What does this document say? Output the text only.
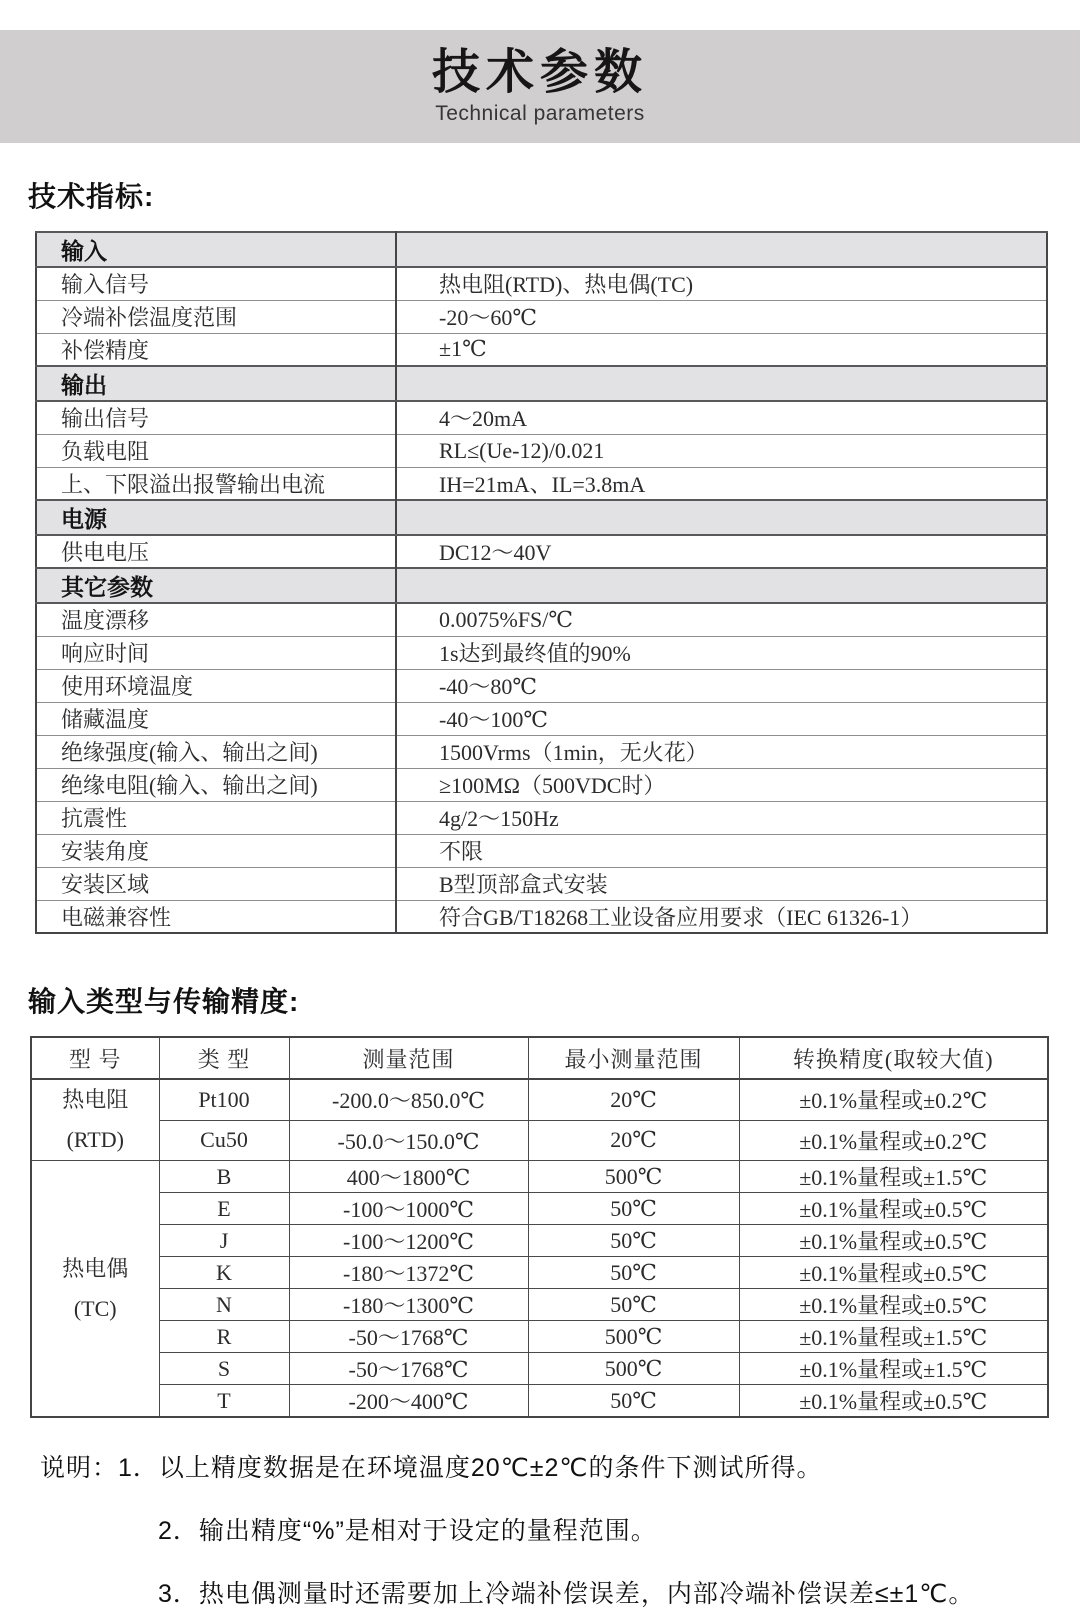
技术参数
Technical parameters
技术指标:
输入	
输入信号	热电阻(RTD)、热电偶(TC)
冷端补偿温度范围	-20～60℃
补偿精度	±1℃
输出	
输出信号	4～20mA
负载电阻	RL≤(Ue-12)/0.021
上、下限溢出报警输出电流	IH=21mA、IL=3.8mA
电源	
供电电压	DC12～40V
其它参数	
温度漂移	0.0075%FS/℃
响应时间	1s达到最终值的90%
使用环境温度	-40～80℃
储藏温度	-40～100℃
绝缘强度(输入、输出之间)	1500Vrms（1min，无火花）
绝缘电阻(输入、输出之间)	≥100MΩ（500VDC时）
抗震性	4g/2～150Hz
安装角度	不限
安装区域	B型顶部盒式安装
电磁兼容性	符合GB/T18268工业设备应用要求（IEC 61326-1）
输入类型与传输精度:
型 号	类 型	测量范围	最小测量范围	转换精度(取较大值)

热电阻
(RTD)	Pt100	-200.0～850.0℃	20℃	±0.1%量程或±0.2℃
	Cu50	-50.0～150.0℃	20℃	±0.1%量程或±0.2℃

热电偶
(TC)	B	400～1800℃	500℃	±0.1%量程或±1.5℃
	E	-100～1000℃	50℃	±0.1%量程或±0.5℃
	J	-100～1200℃	50℃	±0.1%量程或±0.5℃
	K	-180～1372℃	50℃	±0.1%量程或±0.5℃
	N	-180～1300℃	50℃	±0.1%量程或±0.5℃
	R	-50～1768℃	500℃	±0.1%量程或±1.5℃
	S	-50～1768℃	500℃	±0.1%量程或±1.5℃
	T	-200～400℃	50℃	±0.1%量程或±0.5℃
说明：1．以上精度数据是在环境温度20℃±2℃的条件下测试所得。
2．输出精度“%”是相对于设定的量程范围。
3．热电偶测量时还需要加上冷端补偿误差，内部冷端补偿误差≤±1℃。
